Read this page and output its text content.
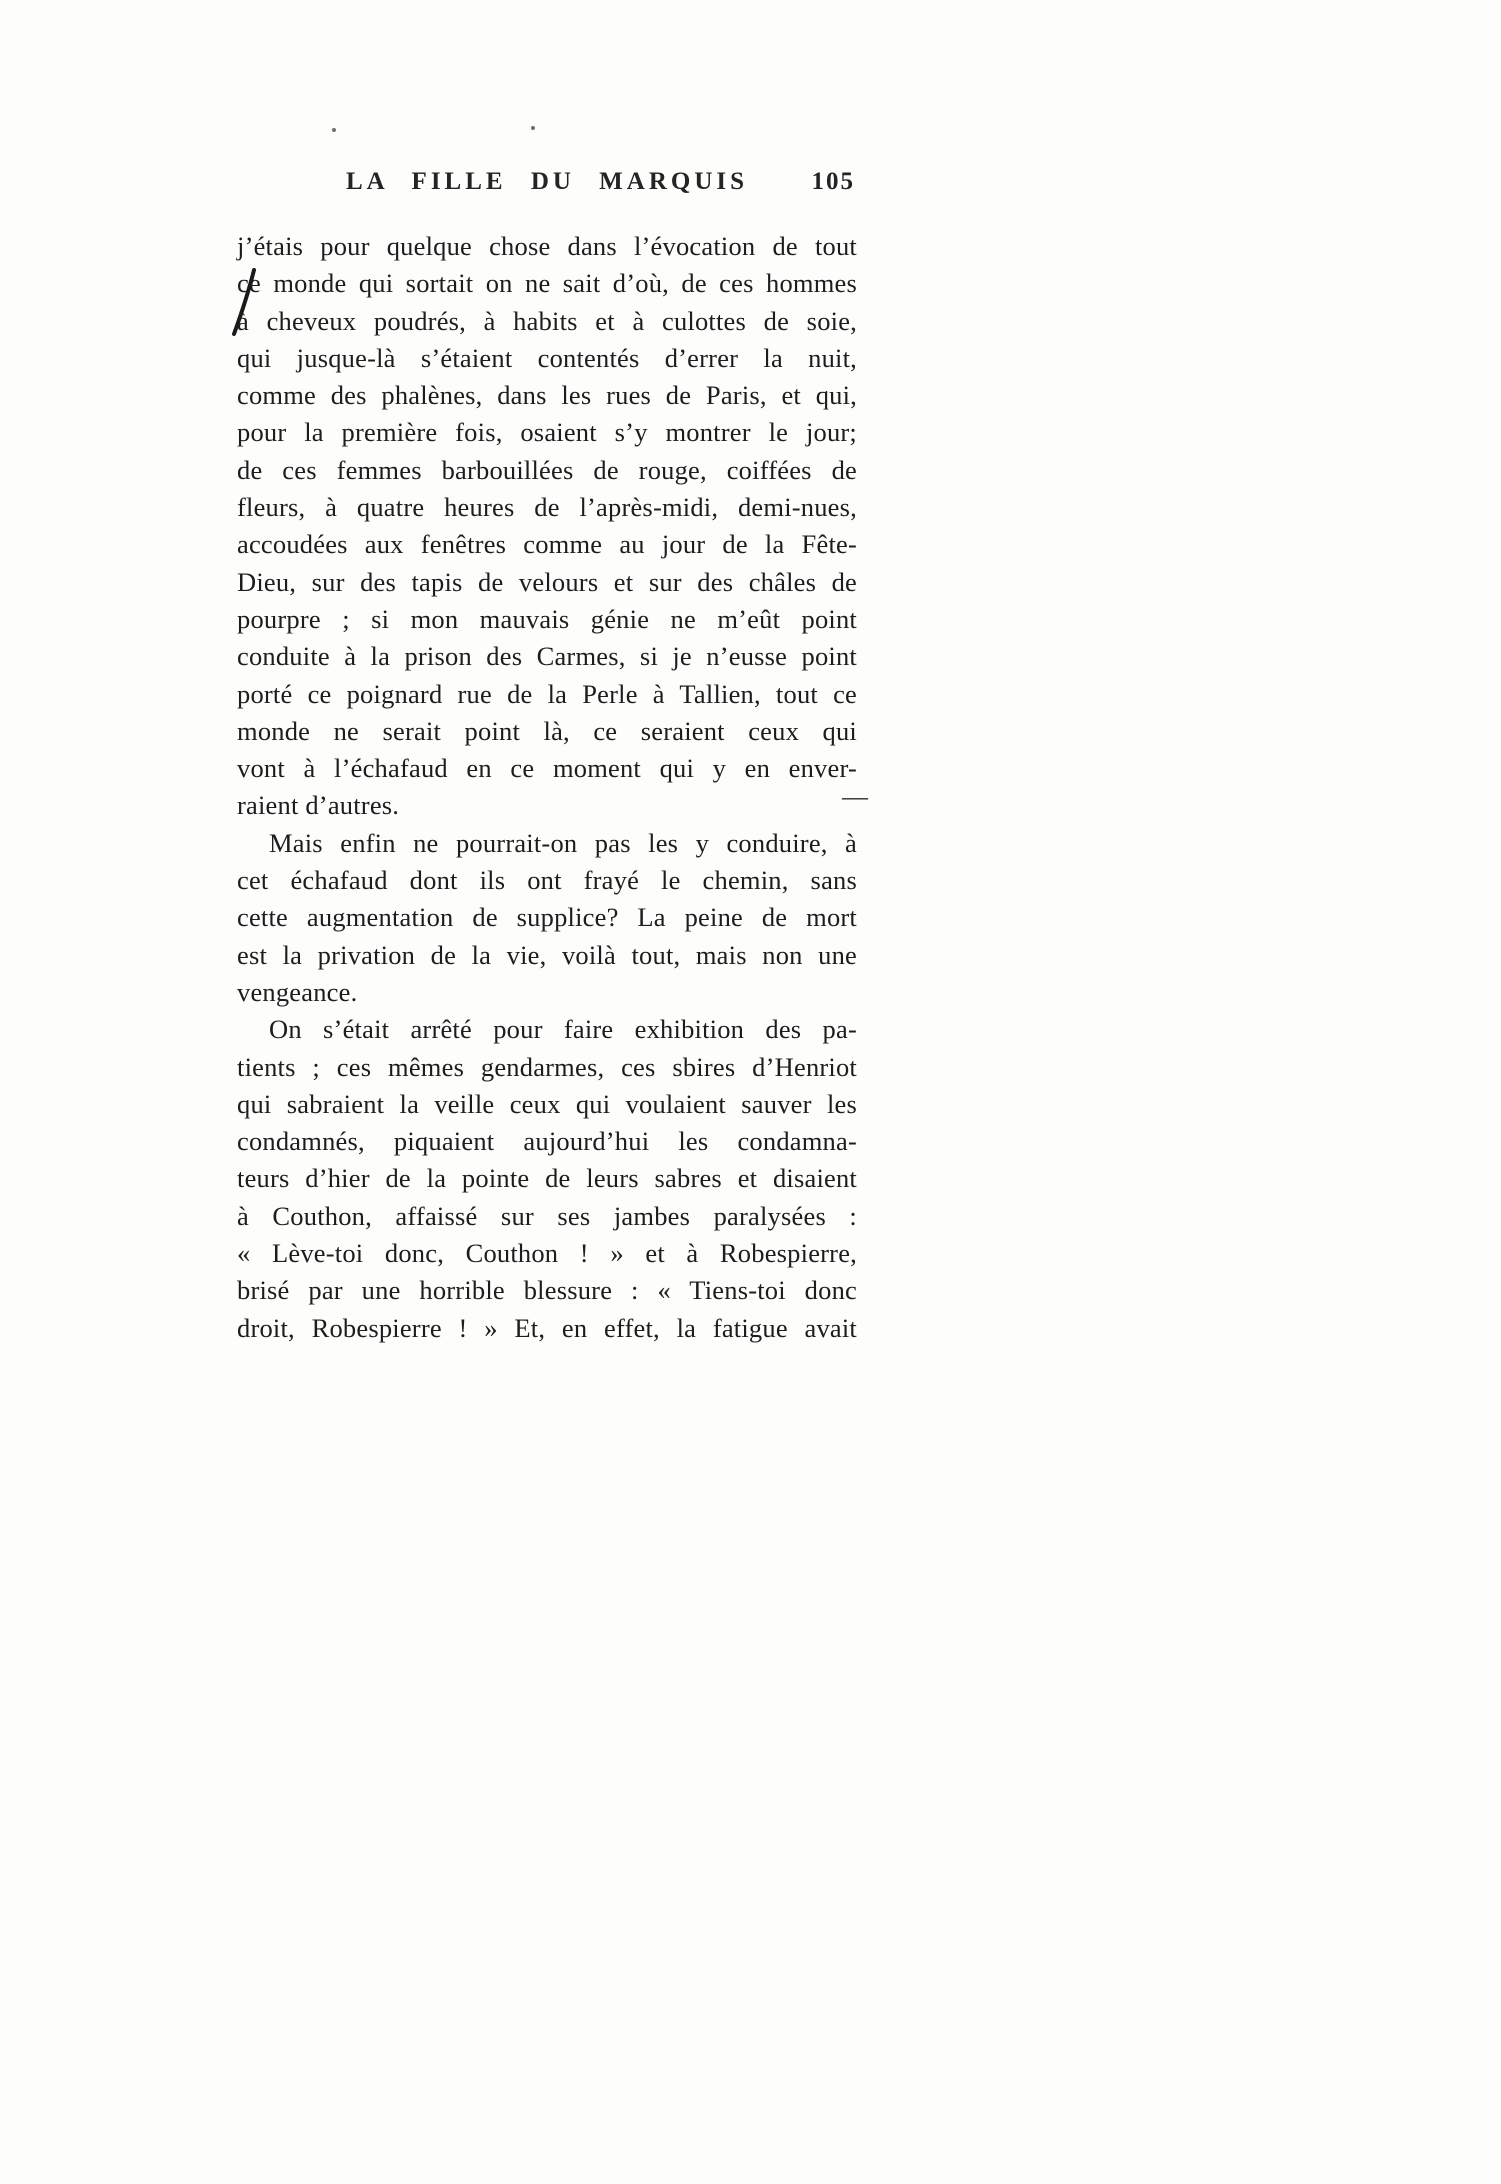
LA FILLE DU MARQUIS	105
j’étais pour quelque chose dans l’évocation de tout
ce monde qui sortait on ne sait d’où, de ces hommes
à cheveux poudrés, à habits et à culottes de soie,
qui jusque-là s’étaient contentés d’errer la nuit,
comme des phalènes, dans les rues de Paris, et qui,
pour la première fois, osaient s’y montrer le jour;
de ces femmes barbouillées de rouge, coiffées de
fleurs, à quatre heures de l’après-midi, demi-nues,
accoudées aux fenêtres comme au jour de la Fête-
Dieu, sur des tapis de velours et sur des châles de
pourpre ; si mon mauvais génie ne m’eût point
conduite à la prison des Carmes, si je n’eusse point
porté ce poignard rue de la Perle à Tallien, tout ce
monde ne serait point là, ce seraient ceux qui
vont à l’échafaud en ce moment qui y en enver-
raient d’autres.
Mais enfin ne pourrait-on pas les y conduire, à
cet échafaud dont ils ont frayé le chemin, sans
cette augmentation de supplice? La peine de mort
est la privation de la vie, voilà tout, mais non une
vengeance.
On s’était arrêté pour faire exhibition des pa-
tients ; ces mêmes gendarmes, ces sbires d’Henriot
qui sabraient la veille ceux qui voulaient sauver les
condamnés, piquaient aujourd’hui les condamna-
teurs d’hier de la pointe de leurs sabres et disaient
à Couthon, affaissé sur ses jambes paralysées :
« Lève-toi donc, Couthon ! » et à Robespierre,
brisé par une horrible blessure : « Tiens-toi donc
droit, Robespierre ! » Et, en effet, la fatigue avait
—
